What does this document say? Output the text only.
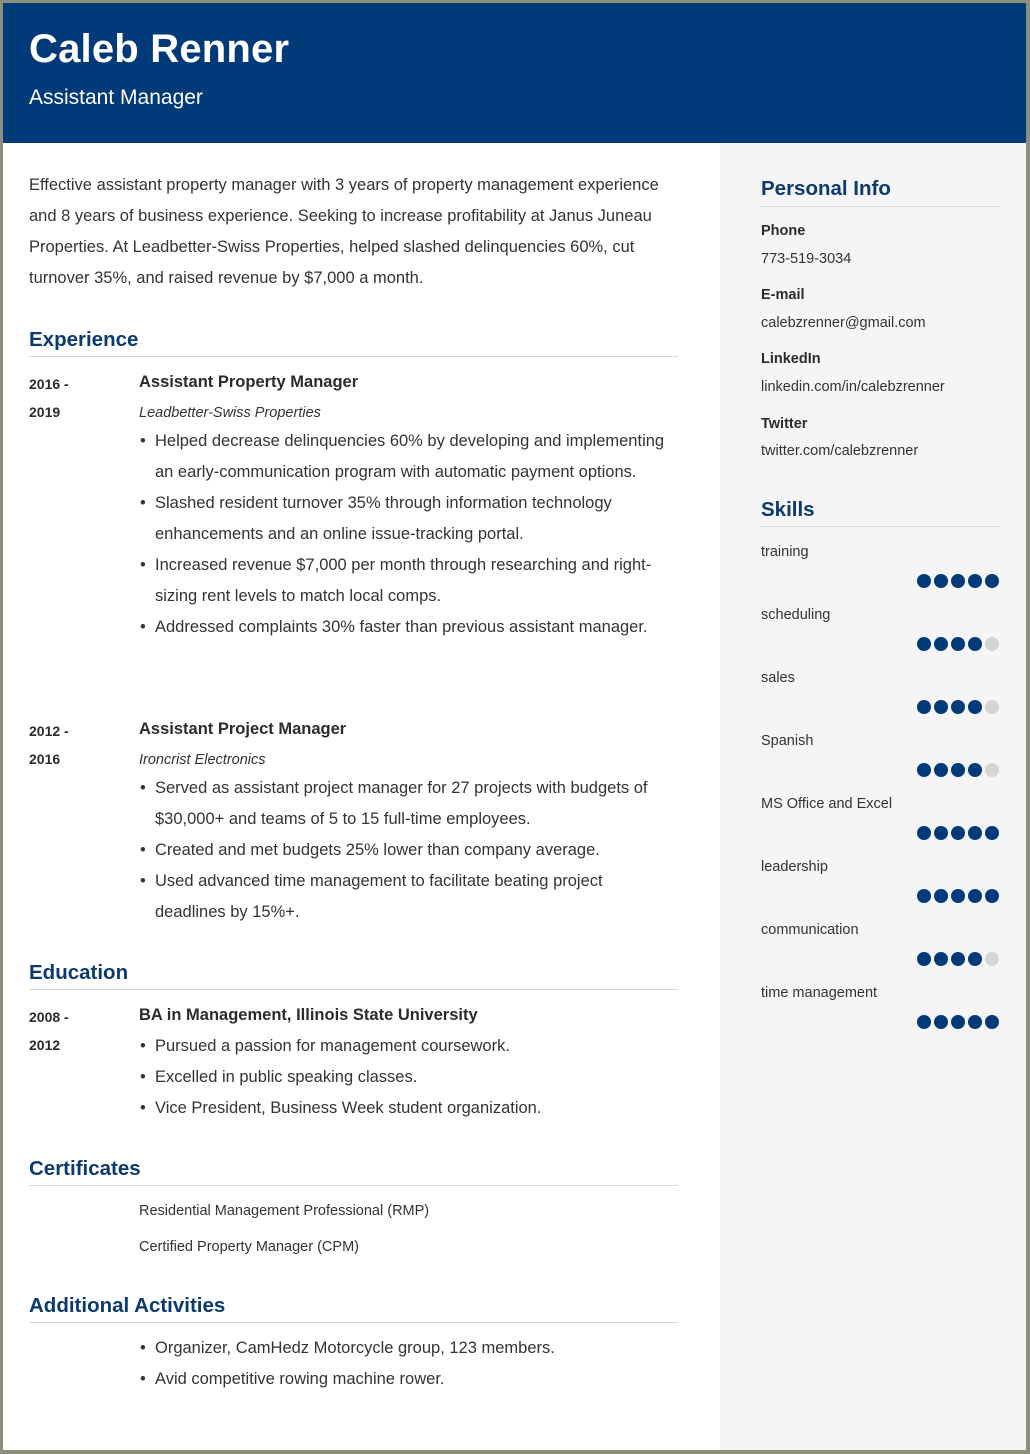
Caleb Renner
Assistant Manager
Personal Info
Phone
773-519-3034
E-mail
calebzrenner@gmail.com
LinkedIn
linkedin.com/in/calebzrenner
Twitter
twitter.com/calebzrenner
Skills
training
scheduling
sales
Spanish
MS Office and Excel
leadership
communication
time management
Effective assistant property manager with 3 years of property management experience and 8 years of business experience. Seeking to increase profitability at Janus Juneau Properties. At Leadbetter-Swiss Properties, helped slashed delinquencies 60%, cut turnover 35%, and raised revenue by $7,000 a month.
Experience
2016 -
2019
Assistant Property Manager
Leadbetter-Swiss Properties
• Helped decrease delinquencies 60% by developing and implementing an early-communication program with automatic payment options.
• Slashed resident turnover 35% through information technology enhancements and an online issue-tracking portal.
• Increased revenue $7,000 per month through researching and right-sizing rent levels to match local comps.
• Addressed complaints 30% faster than previous assistant manager.
2012 -
2016
Assistant Project Manager
Ironcrist Electronics
• Served as assistant project manager for 27 projects with budgets of $30,000+ and teams of 5 to 15 full-time employees.
• Created and met budgets 25% lower than company average.
• Used advanced time management to facilitate beating project deadlines by 15%+.
Education
2008 -
2012
BA in Management, Illinois State University
• Pursued a passion for management coursework.
• Excelled in public speaking classes.
• Vice President, Business Week student organization.
Certificates
Residential Management Professional (RMP)
Certified Property Manager (CPM)
Additional Activities
• Organizer, CamHedz Motorcycle group, 123 members.
• Avid competitive rowing machine rower.
